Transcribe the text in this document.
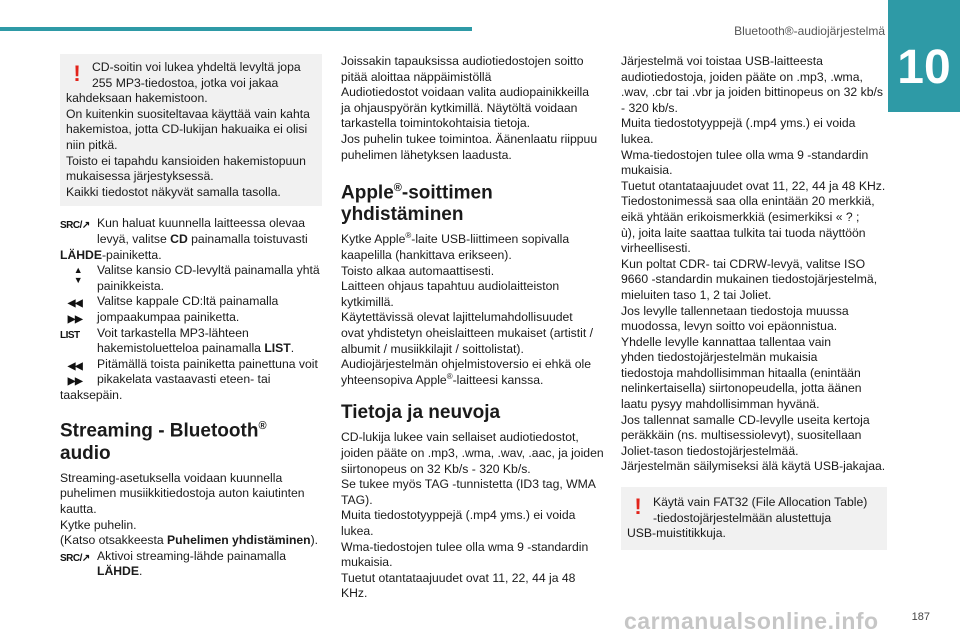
Bluetooth®-audiojärjestelmä
10
! CD-soitin voi lukea yhdeltä levyltä jopa

255 MP3-tiedostoa, jotka voi jakaa

kahdeksaan hakemistoon.

On kuitenkin suositeltavaa käyttää vain kahta

hakemistoa, jotta CD-lukijan hakuaika ei olisi

niin pitkä.

Toisto ei tapahdu kansioiden hakemistopuun

mukaisessa järjestyksessä.

Kaikki tiedostot näkyvät samalla tasolla.

SRC/↗ Kun haluat kuunnella laitteessa olevaa

levyä, valitse CD painamalla toistuvasti

LÄHDE-painiketta.

▲
▼

Valitse kansio CD-levyltä painamalla yhtä

painikkeista.

◀◀ ▶▶

Valitse kappale CD:ltä painamalla

jompaakumpaa painiketta.

LIST	Voit tarkastella MP3-lähteen

hakemistoluetteloa painamalla LIST.

◀◀ ▶▶

Pitämällä toista painiketta painettuna voit

pikakelata vastaavasti eteen- tai

taaksepäin.

Streaming - Bluetooth®
audio

Streaming-asetuksella voidaan kuunnella

puhelimen musiikkitiedostoja auton kaiutinten

kautta.

Kytke puhelin.

(Katso otsakkeesta Puhelimen yhdistäminen).

SRC/↗ Aktivoi streaming-lähde painamalla

LÄHDE.

Joissakin tapauksissa audiotiedostojen soitto

pitää aloittaa näppäimistöllä

Audiotiedostot voidaan valita audiopainikkeilla

ja ohjauspyörän kytkimillä. Näytöltä voidaan

tarkastella toimintokohtaisia tietoja.

Jos puhelin tukee toimintoa. Äänenlaatu riippuu

puhelimen lähetyksen laadusta.

Apple®-soittimen
yhdistäminen

Kytke Apple®-laite USB-liittimeen sopivalla

kaapelilla (hankittava erikseen).

Toisto alkaa automaattisesti.

Laitteen ohjaus tapahtuu audiolaitteiston

kytkimillä.

Käytettävissä olevat lajittelumahdollisuudet

ovat yhdistetyn oheislaitteen mukaiset (artistit /

albumit / musiikkilajit / soittolistat).

Audiojärjestelmän ohjelmistoversio ei ehkä ole

yhteensopiva Apple®-laitteesi kanssa.

Tietoja ja neuvoja

CD-lukija lukee vain sellaiset audiotiedostot,

joiden pääte on .mp3, .wma, .wav, .aac, ja joiden

siirtonopeus on 32 Kb/s - 320 Kb/s.

Se tukee myös TAG -tunnistetta (ID3 tag, WMA

TAG).

Muita tiedostotyyppejä (.mp4 yms.) ei voida

lukea.

Wma-tiedostojen tulee olla wma 9 -standardin

mukaisia.

Tuetut otantataajuudet ovat 11, 22, 44 ja 48 KHz.

Järjestelmä voi toistaa USB-laitteesta

audiotiedostoja, joiden pääte on .mp3, .wma,

.wav, .cbr tai .vbr ja joiden bittinopeus on 32 kb/s

- 320 kb/s.

Muita tiedostotyyppejä (.mp4 yms.) ei voida

lukea.

Wma-tiedostojen tulee olla wma 9 -standardin

mukaisia.

Tuetut otantataajuudet ovat 11, 22, 44 ja 48 KHz.

Tiedostonimessä saa olla enintään 20 merkkiä,

eikä yhtään erikoismerkkiä (esimerkiksi « ? ;

ù), joita laite saattaa tulkita tai tuoda näyttöön

virheellisesti.

Kun poltat CDR- tai CDRW-levyä, valitse ISO

9660 -standardin mukainen tiedostojärjestelmä,

mieluiten taso 1, 2 tai Joliet.

Jos levylle tallennetaan tiedostoja muussa

muodossa, levyn soitto voi epäonnistua.

Yhdelle levylle kannattaa tallentaa vain

yhden tiedostojärjestelmän mukaisia

tiedostoja mahdollisimman hitaalla (enintään

nelinkertaisella) siirtonopeudella, jotta äänen

laatu pysyy mahdollisimman hyvänä.

Jos tallennat samalle CD-levylle useita kertoja

peräkkäin (ns. multisessiolevyt), suositellaan

Joliet-tason tiedostojärjestelmää.

Järjestelmän säilymiseksi älä käytä USB-jakajaa.

! Käytä vain FAT32 (File Allocation Table)

-tiedostojärjestelmään alustettuja

USB-muistitikkuja.

carmanualsonline.info	187
